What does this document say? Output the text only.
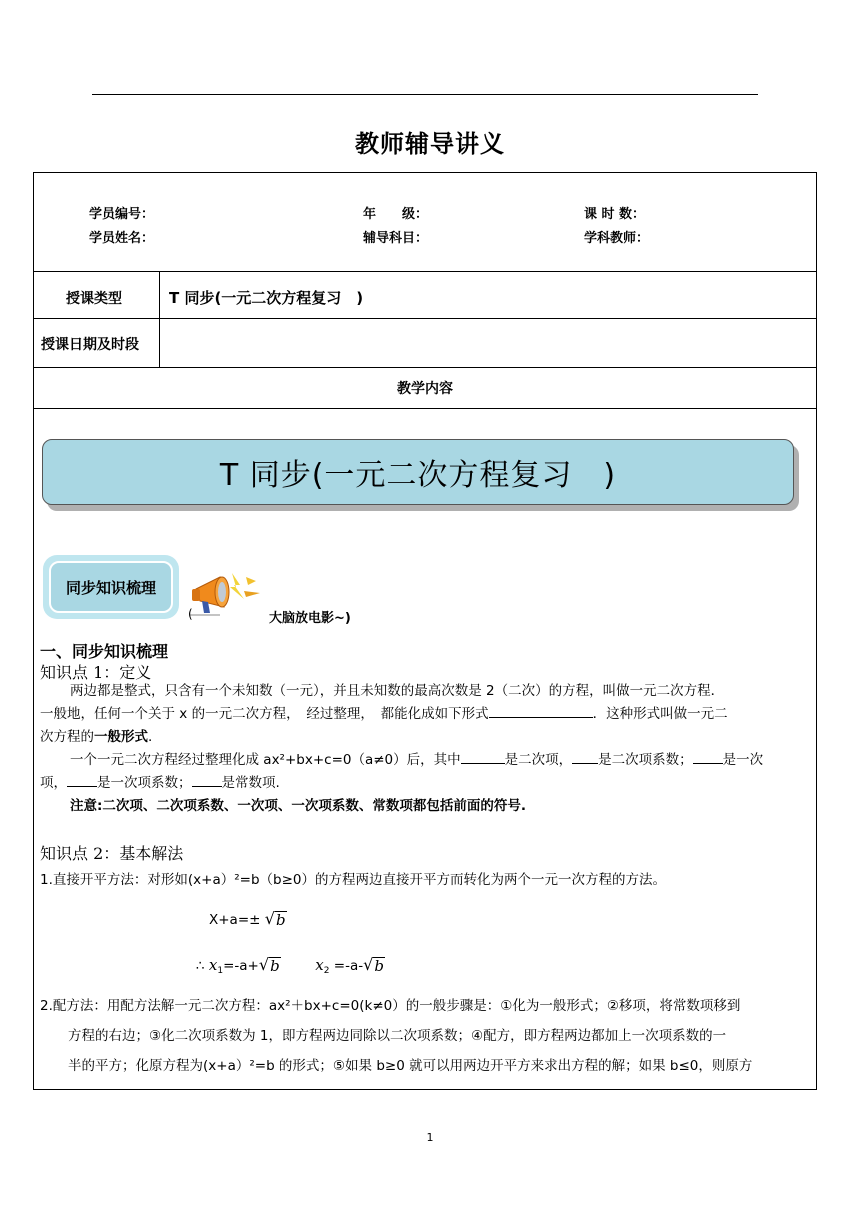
教师辅导讲义
学员编号：	年　　级：	课 时 数：
学员姓名：	辅导科目：	学科教师：
授课类型	T 同步(一元二次方程复习　)
授课日期及时段
教学内容
T 同步(一元二次方程复习　)
同步知识梳理
(	大脑放电影~)
一、同步知识梳理
知识点 1：定义
两边都是整式，只含有一个未知数（一元），并且未知数的最高次数是 2（二次）的方程，叫做一元二次方程．
一般地，任何一个关于 x 的一元二次方程，　经过整理，　都能化成如下形式	．这种形式叫做一元二
次方程的一般形式.
一个一元二次方程经过整理化成 ax²+bx+c=0（a≠0）后，其中	是二次项， 是二次项系数； 是一次
项， 是一次项系数； 是常数项.
注意:二次项、二次项系数、一次项、一次项系数、常数项都包括前面的符号.
知识点 2：基本解法
1.直接开平方法：对形如(x+a）²=b（b≥0）的方程两边直接开平方而转化为两个一元一次方程的方法。
X+a=± √ b
∴ $x_1=-a+$ √ b $x_2 =-a-$ √ b
2.配方法：用配方法解一元二次方程：ax²＋bx+c=0(k≠0）的一般步骤是：①化为一般形式；②移项，将常数项移到
方程的右边；③化二次项系数为 1，即方程两边同除以二次项系数；④配方，即方程两边都加上一次项系数的一
半的平方；化原方程为(x+a）²=b 的形式；⑤如果 b≥0 就可以用两边开平方来求出方程的解；如果 b≤0，则原方
1
